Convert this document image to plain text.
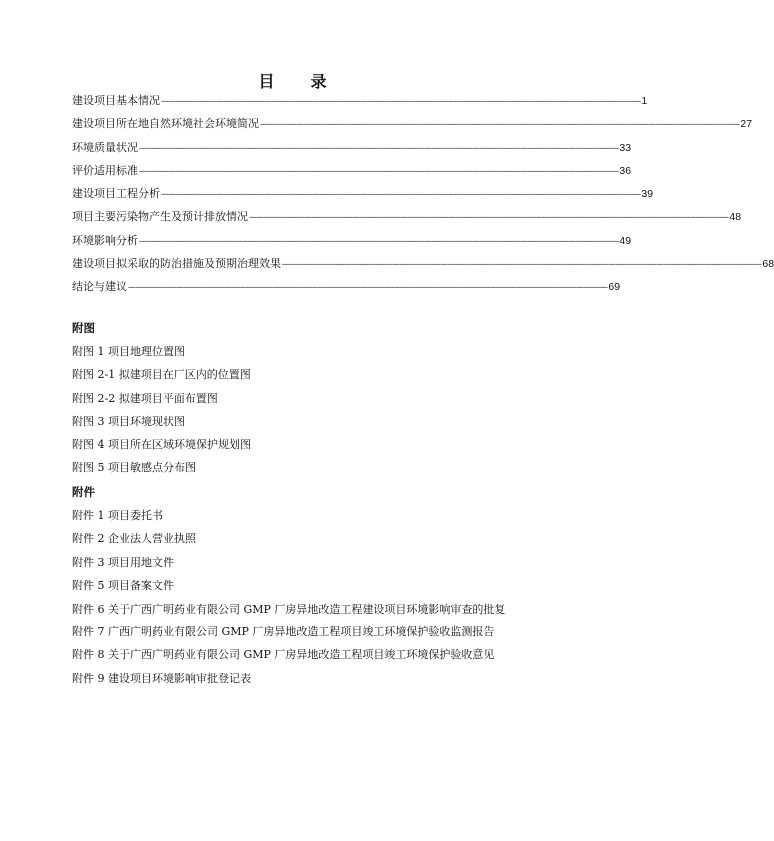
目　录
建设项目基本情况 -------------------------------------------------------------------------------------------------------------------------------------------------------------------------------------------------------- 1
建设项目所在地自然环境社会环境简况 -------------------------------------------------------------------------------------------------------------------------------------------------------------------------------------------------------- 27
环境质量状况 -------------------------------------------------------------------------------------------------------------------------------------------------------------------------------------------------------- 33
评价适用标准 -------------------------------------------------------------------------------------------------------------------------------------------------------------------------------------------------------- 36
建设项目工程分析 -------------------------------------------------------------------------------------------------------------------------------------------------------------------------------------------------------- 39
项目主要污染物产生及预计排放情况 -------------------------------------------------------------------------------------------------------------------------------------------------------------------------------------------------------- 48
环境影响分析 -------------------------------------------------------------------------------------------------------------------------------------------------------------------------------------------------------- 49
建设项目拟采取的防治措施及预期治理效果 -------------------------------------------------------------------------------------------------------------------------------------------------------------------------------------------------------- 68
结论与建议 -------------------------------------------------------------------------------------------------------------------------------------------------------------------------------------------------------- 69
附图
附图 1 项目地理位置图
附图 2-1 拟建项目在厂区内的位置图
附图 2-2 拟建项目平面布置图
附图 3 项目环境现状图
附图 4 项目所在区域环境保护规划图
附图 5 项目敏感点分布图
附件
附件 1 项目委托书
附件 2 企业法人营业执照
附件 3 项目用地文件
附件 5 项目备案文件
附件 6 关于广西广明药业有限公司 GMP 厂房异地改造工程建设项目环境影响审查的批复
附件 7 广西广明药业有限公司 GMP 厂房异地改造工程项目竣工环境保护验收监测报告
附件 8 关于广西广明药业有限公司 GMP 厂房异地改造工程项目竣工环境保护验收意见
附件 9 建设项目环境影响审批登记表
